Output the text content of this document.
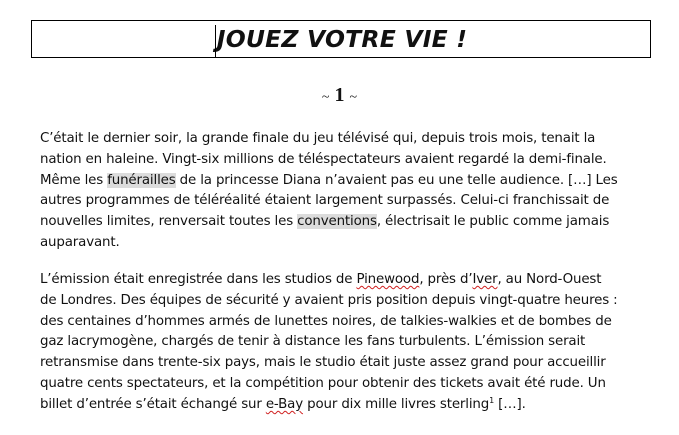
JOUEZ VOTRE VIE !
~ 1 ~
C’était le dernier soir, la grande finale du jeu télévisé qui, depuis trois mois, tenait la
nation en haleine. Vingt-six millions de téléspectateurs avaient regardé la demi-finale.
Même les funérailles de la princesse Diana n’avaient pas eu une telle audience. […] Les
autres programmes de téléréalité étaient largement surpassés. Celui-ci franchissait de
nouvelles limites, renversait toutes les conventions, électrisait le public comme jamais
auparavant.
L’émission était enregistrée dans les studios de Pinewood, près d’Iver, au Nord-Ouest
de Londres. Des équipes de sécurité y avaient pris position depuis vingt-quatre heures :
des centaines d’hommes armés de lunettes noires, de talkies-walkies et de bombes de
gaz lacrymogène, chargés de tenir à distance les fans turbulents. L’émission serait
retransmise dans trente-six pays, mais le studio était juste assez grand pour accueillir
quatre cents spectateurs, et la compétition pour obtenir des tickets avait été rude. Un
billet d’entrée s’était échangé sur e-Bay pour dix mille livres sterling$^1$ […].
